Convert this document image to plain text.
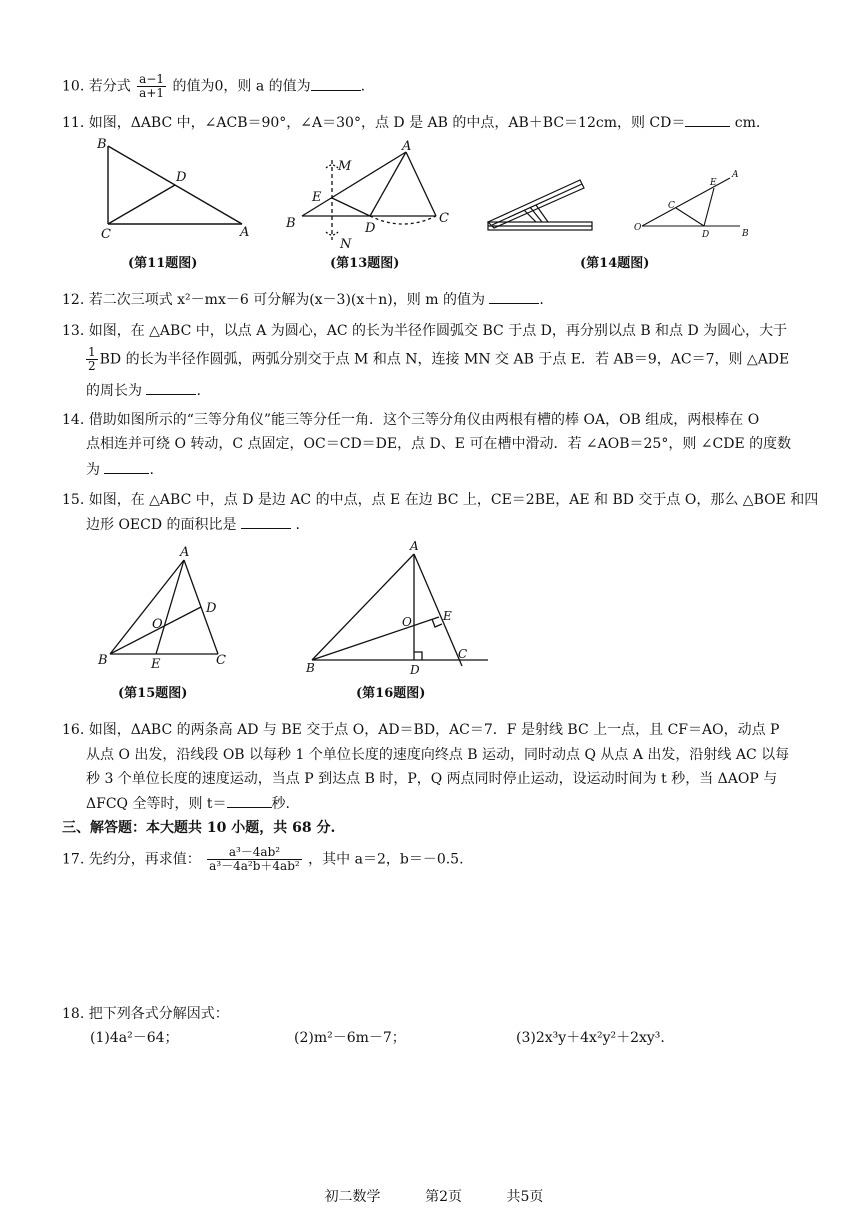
10. 若分式 $\frac{a-1}{a+1}$ 的值为0，则 a 的值为	.
11. 如图，ΔABC 中，∠ACB＝90°，∠A＝30°，点 D 是 AB 的中点，AB＋BC＝12cm，则 CD＝	cm.
B
D
C	A
(第11题图)
M
A
E
B	D
C
N
(第13题图)	(第14题图)
A
E
C
O
D	B
12. 若二次三项式 x²－mx－6 可分解为(x－3)(x＋n)，则 m 的值为	.
13. 如图，在 △ABC 中，以点 A 为圆心，AC 的长为半径作圆弧交 BC 于点 D，再分别以点 B 和点 D 为圆心，大于
$\frac{1}{2}$ BD 的长为半径作圆弧，两弧分别交于点 M 和点 N，连接 MN 交 AB 于点 E．若 AB＝9，AC＝7，则 △ADE
的周长为	.
14. 借助如图所示的“三等分角仪”能三等分任一角．这个三等分角仪由两根有槽的棒 OA，OB 组成，两根棒在 O
点相连并可绕 O 转动，C 点固定，OC＝CD＝DE，点 D、E 可在槽中滑动．若 ∠AOB＝25°，则 ∠CDE 的度数
为	.
15. 如图，在 △ABC 中，点 D 是边 AC 的中点，点 E 在边 BC 上，CE＝2BE，AE 和 BD 交于点 O，那么 △BOE 和四
边形 OECD 的面积比是	.
A
D
O
B	E	C
(第15题图)
A
O	E
B	D
C
(第16题图)
16. 如图，ΔABC 的两条高 AD 与 BE 交于点 O，AD＝BD，AC＝7．F 是射线 BC 上一点，且 CF＝AO，动点 P
从点 O 出发，沿线段 OB 以每秒 1 个单位长度的速度向终点 B 运动，同时动点 Q 从点 A 出发，沿射线 AC 以每
秒 3 个单位长度的速度运动，当点 P 到达点 B 时，P，Q 两点同时停止运动，设运动时间为 t 秒，当 ΔAOP 与
ΔFCQ 全等时，则 t＝	秒.
三、解答题：本大题共 10 小题，共 68 分.
17. 先约分，再求值： $\frac{\text{a³－4ab²}}{\text{a³－4a²b＋4ab²}}$ ，其中 a＝2，b＝－0.5.
18. 把下列各式分解因式：
(1)4a²－64；	(2)m²－6m－7；	(3)2x³y＋4x²y²＋2xy³.
初二数学	第2页	共5页
